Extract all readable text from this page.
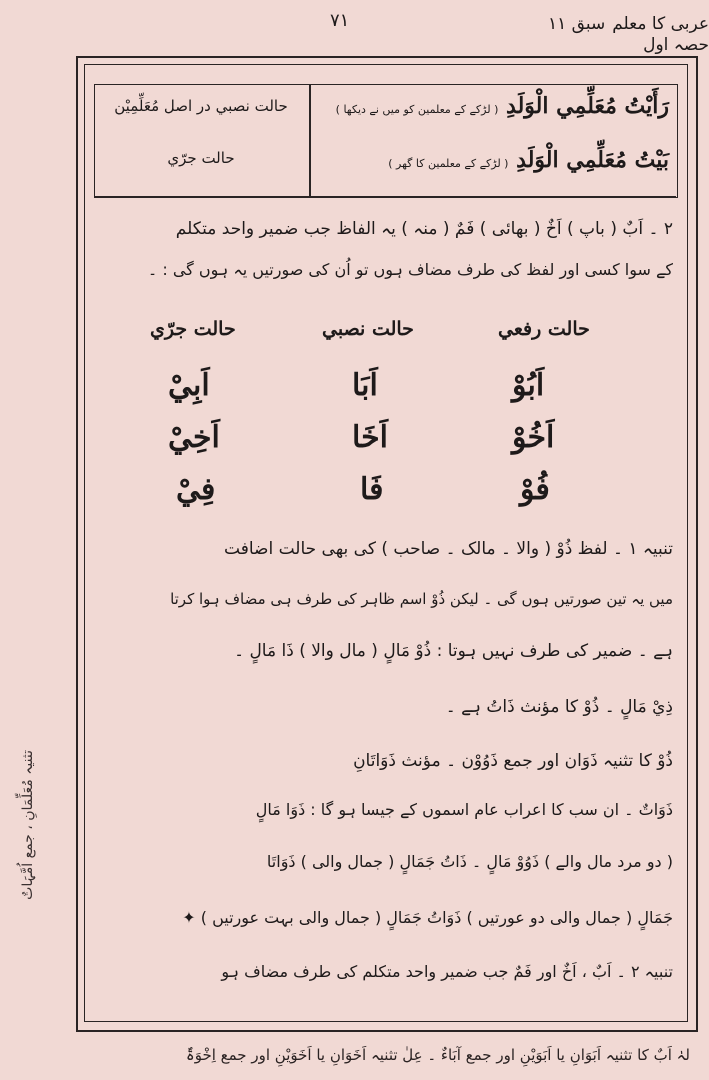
عربی کا معلم حصہ اول
۷۱	سبق ۱۱
رَأَیْتُ مُعَلِّمِي الْوَلَدِ ( لڑکے کے معلمین کو میں نے دیکھا )
بَیْتُ مُعَلِّمِي الْوَلَدِ ( لڑکے کے معلمین کا گھر )
حالت نصبي در اصل مُعَلِّمِیْن
حالت جرّي
۲ ۔ اَبٌ ( باپ ) اَخٌ ( بھائی ) فَمٌ ( منہ ) یہ الفاظ جب ضمیر واحد متکلم
کے سوا کسی اور لفظ کی طرف مضاف ہوں تو اُن کی صورتیں یہ ہوں گی : ۔
حالت رفعي
حالت نصبي
حالت جرّي
اَبُوْ
اَبَا
اَبِيْ
اَخُوْ
اَخَا
اَخِيْ
فُوْ
فَا
فِيْ
تنبیہ ۱ ۔ لفظ ذُوْ ( والا ۔ مالک ۔ صاحب ) کی بھی حالت اضافت
میں یہ تین صورتیں ہوں گی ۔ لیکن ذُوْ اسم ظاہر کی طرف ہی مضاف ہوا کرتا
ہے ۔ ضمیر کی طرف نہیں ہوتا : ذُوْ مَالٍ ( مال والا ) ذَا مَالٍ ۔
ذِيْ مَالٍ ۔ ذُوْ کا مؤنث ذَاتُ ہے ۔
ذُوْ کا تثنیہ ذَوَان اور جمع ذَوُوْن ۔ مؤنث ذَوَاتَانِ
ذَوَاتٌ ۔ ان سب کا اعراب عام اسموں کے جیسا ہو گا : ذَوَا مَالٍ
( دو مرد مال والے ) ذَوُوْ مَالٍ ۔ ذَاتُ جَمَالٍ ( جمال والی ) ذَوَاتَا
جَمَالٍ ( جمال والی دو عورتیں ) ذَوَاتُ جَمَالٍ ( جمال والی بہت عورتیں ) ✦
تنبیہ ۲ ۔ اَبٌ ، اَخٌ اور فَمٌ جب ضمیر واحد متکلم کی طرف مضاف ہو
تثنیہ مُعَلِّمَانِ ، جمع اُمَّہَاتٌ
لہٰ اَبٌ کا تثنیہ اَبَوَانِ یا اَبَوَیْنِ اور جمع آبَاءٌ ۔ عِلٰ تثنیہ اَخَوَانِ یا اَخَوَیْنِ اور جمع اِخْوَۃٌ
